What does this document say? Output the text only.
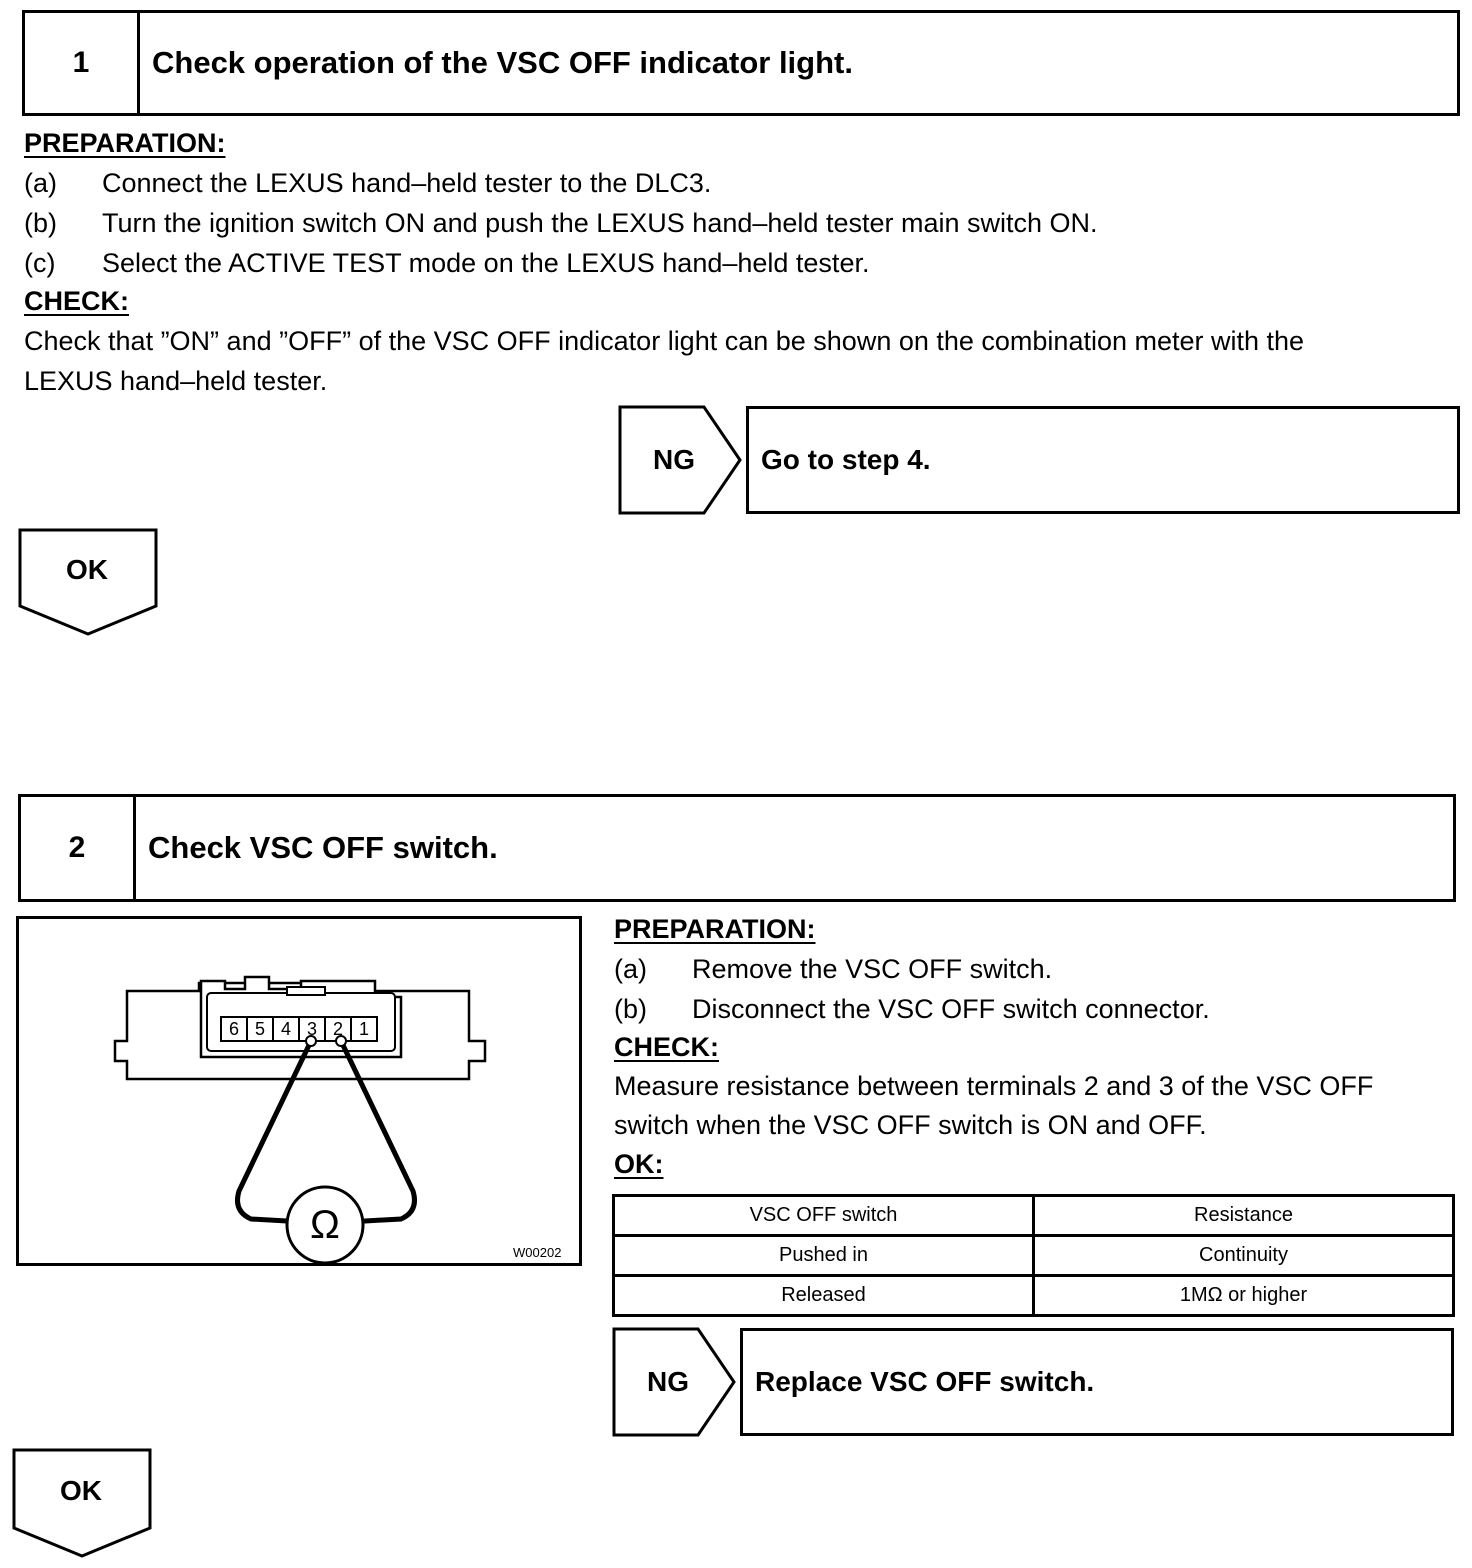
1	Check operation of the VSC OFF indicator light.
PREPARATION:
(a) Connect the LEXUS hand–held tester to the DLC3.
(b) Turn the ignition switch ON and push the LEXUS hand–held tester main switch ON.
(c) Select the ACTIVE TEST mode on the LEXUS hand–held tester.
CHECK:
Check that ”ON” and ”OFF” of the VSC OFF indicator light can be shown on the combination meter with the
LEXUS hand–held tester.
NG	Go to step 4.
OK
2	Check VSC OFF switch.
6 5 4 3 2 1
Ω
W00202
PREPARATION:
(a) Remove the VSC OFF switch.
(b) Disconnect the VSC OFF switch connector.
CHECK:
Measure resistance between terminals 2 and 3 of the VSC OFF
switch when the VSC OFF switch is ON and OFF.
OK:
VSC OFF switch	Resistance
Pushed in	Continuity
Released	1MΩ or higher
NG	Replace VSC OFF switch.
OK
